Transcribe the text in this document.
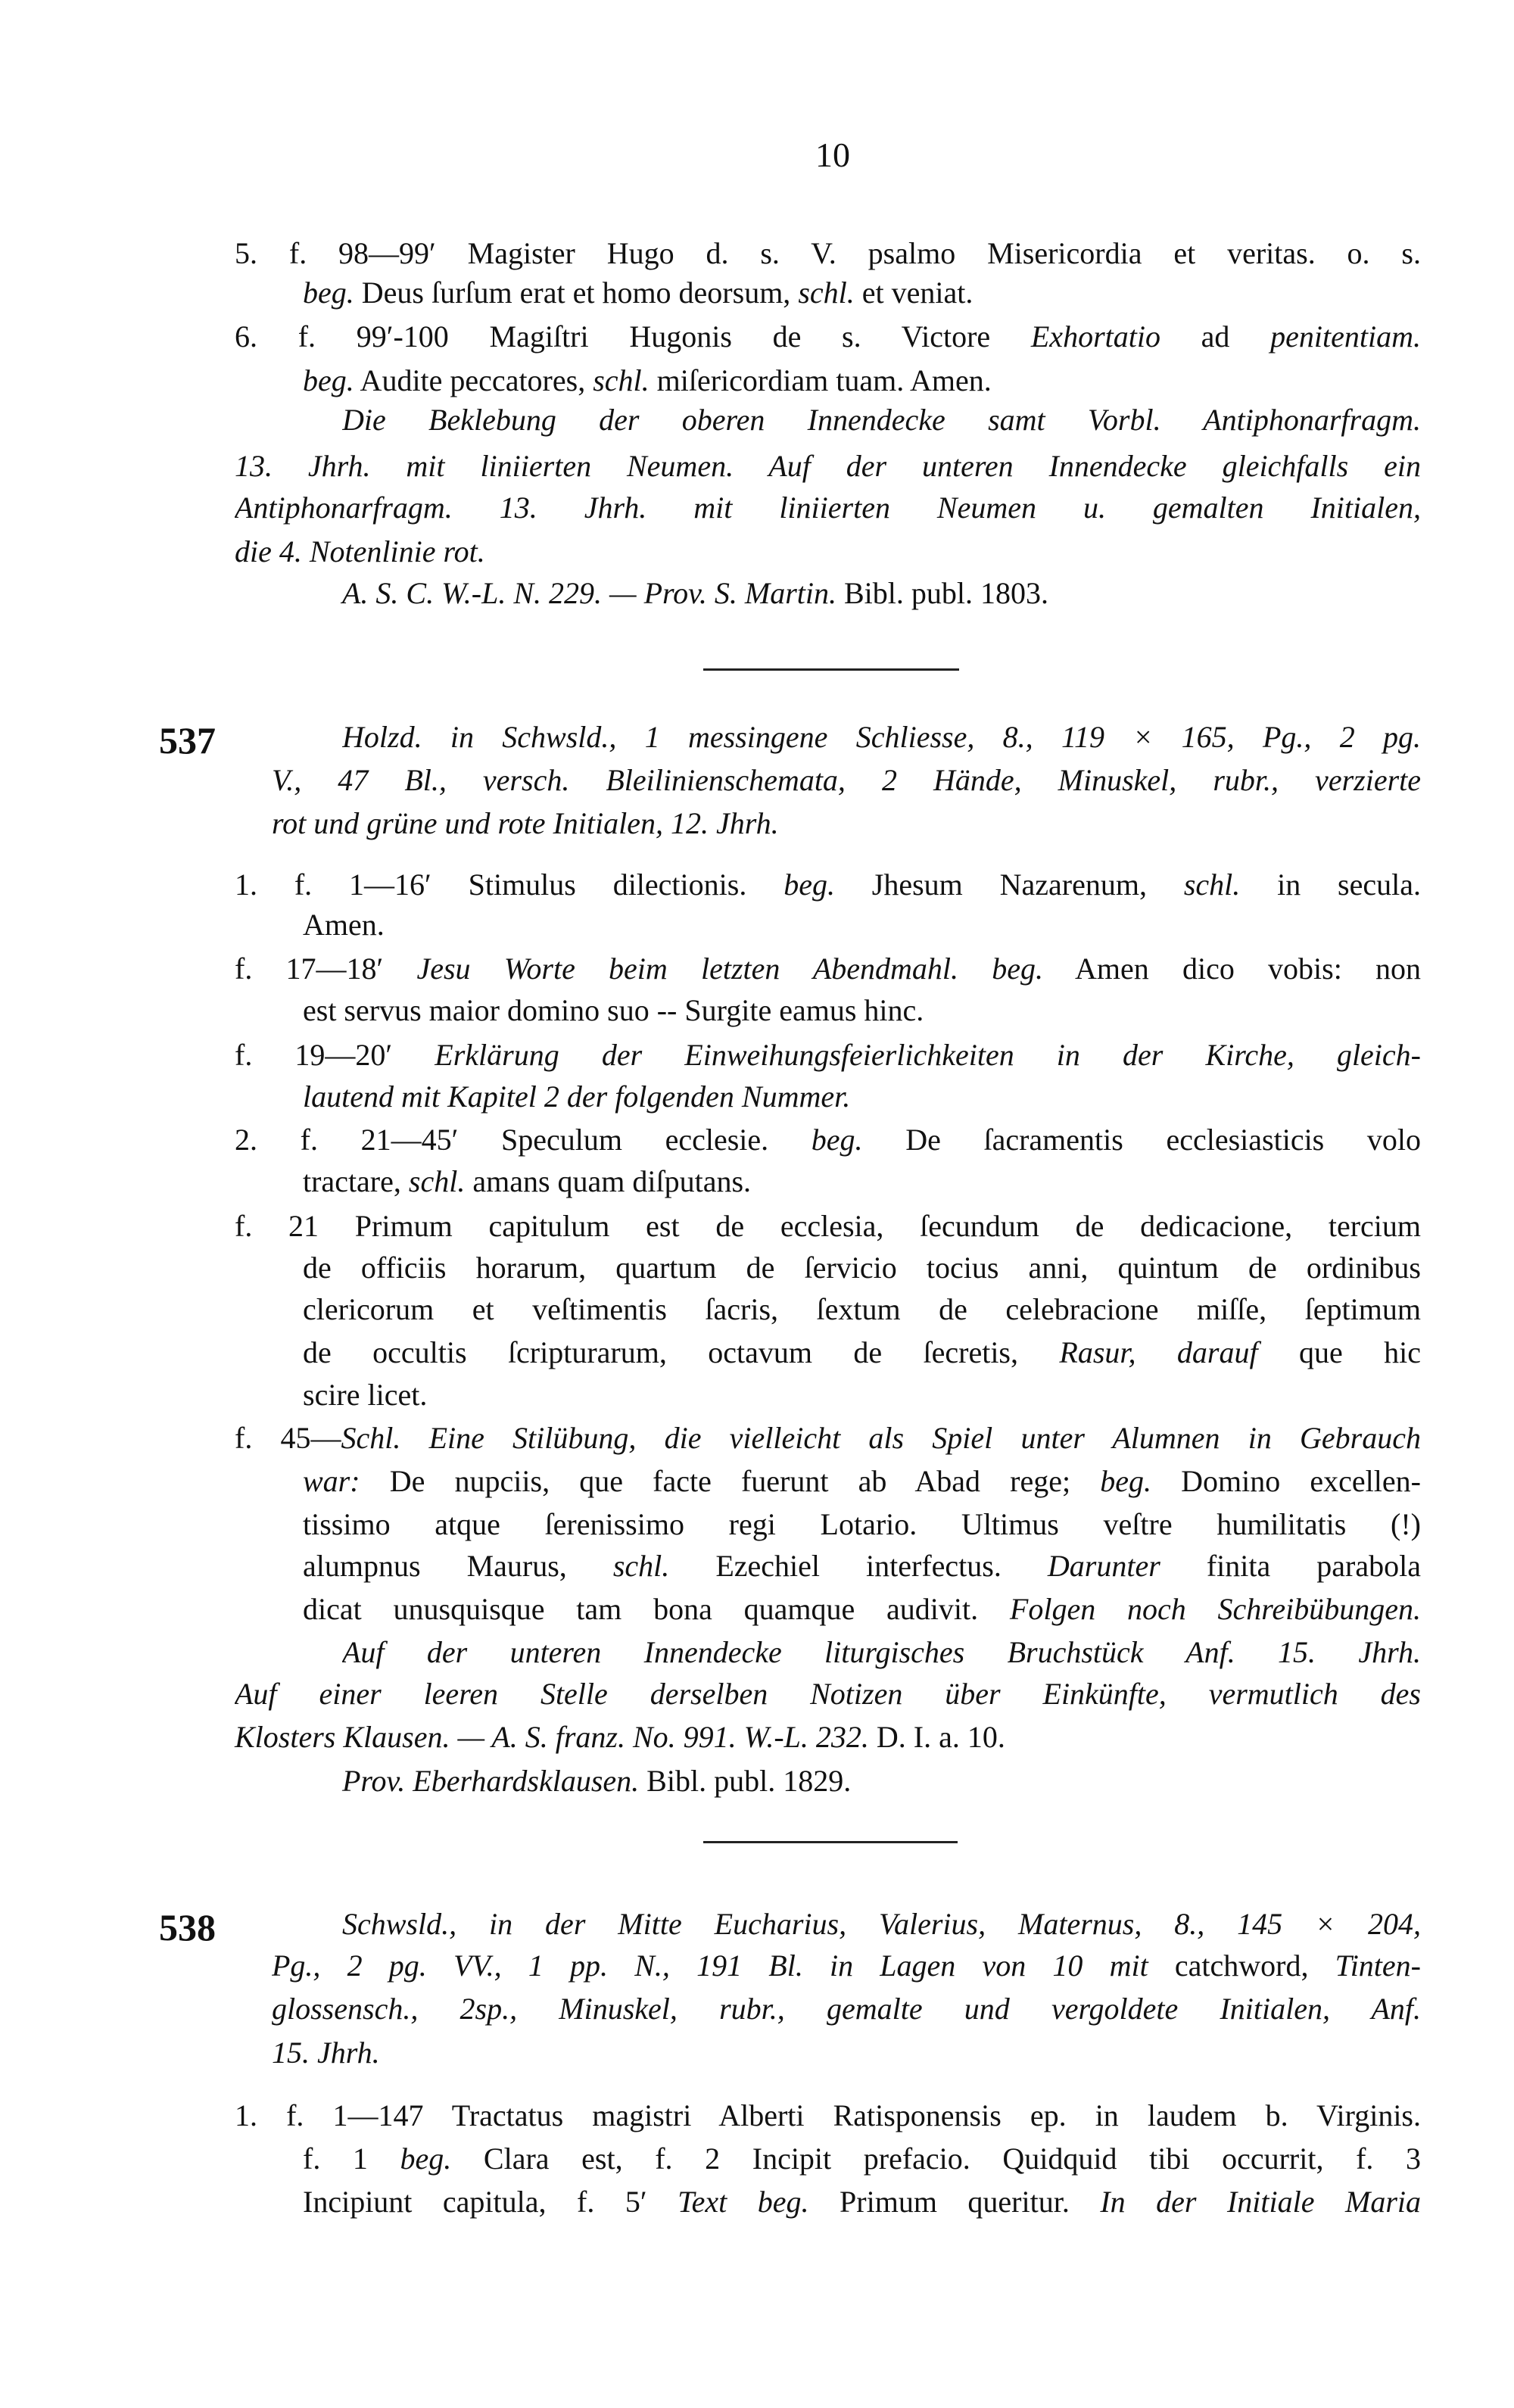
10
537
538
5. f. 98—99′ Magister Hugo d. s. V. psalmo Misericordia et veritas. o. s.
beg. Deus ſurſum erat et homo deorsum, schl. et veniat.
6. f. 99′-100 Magiſtri Hugonis de s. Victore Exhortatio ad penitentiam.
beg. Audite peccatores, schl. miſericordiam tuam. Amen.
Die Beklebung der oberen Innendecke samt Vorbl. Antiphonarfragm.
13. Jhrh. mit liniierten Neumen. Auf der unteren Innendecke gleichfalls ein
Antiphonarfragm. 13. Jhrh. mit liniierten Neumen u. gemalten Initialen,
die 4. Notenlinie rot.
A. S. C. W.-L. N. 229. — Prov. S. Martin. Bibl. publ. 1803.
Holzd. in Schwsld., 1 messingene Schliesse, 8., 119 × 165, Pg., 2 pg.
V., 47 Bl., versch. Bleilinienschemata, 2 Hände, Minuskel, rubr., verzierte
rot und grüne und rote Initialen, 12. Jhrh.
1. f. 1—16′ Stimulus dilectionis. beg. Jhesum Nazarenum, schl. in secula.
Amen.
f. 17—18′ Jesu Worte beim letzten Abendmahl. beg. Amen dico vobis: non
est servus maior domino suo -- Surgite eamus hinc.
f. 19—20′ Erklärung der Einweihungsfeierlichkeiten in der Kirche, gleich-
lautend mit Kapitel 2 der folgenden Nummer.
2. f. 21—45′ Speculum ecclesie. beg. De ſacramentis ecclesiasticis volo
tractare, schl. amans quam diſputans.
f. 21 Primum capitulum est de ecclesia, ſecundum de dedicacione, tercium
de officiis horarum, quartum de ſervicio tocius anni, quintum de ordinibus
clericorum et veſtimentis ſacris, ſextum de celebracione miſſe, ſeptimum
de occultis ſcripturarum, octavum de ſecretis, Rasur, darauf que hic
scire licet.
f. 45—Schl. Eine Stilübung, die vielleicht als Spiel unter Alumnen in Gebrauch
war: De nupciis, que facte fuerunt ab Abad rege; beg. Domino excellen-
tissimo atque ſerenissimo regi Lotario. Ultimus veſtre humilitatis (!)
alumpnus Maurus, schl. Ezechiel interfectus. Darunter finita parabola
dicat unusquisque tam bona quamque audivit. Folgen noch Schreibübungen.
Auf der unteren Innendecke liturgisches Bruchstück Anf. 15. Jhrh.
Auf einer leeren Stelle derselben Notizen über Einkünfte, vermutlich des
Klosters Klausen. — A. S. franz. No. 991. W.-L. 232. D. I. a. 10.
Prov. Eberhardsklausen. Bibl. publ. 1829.
Schwsld., in der Mitte Eucharius, Valerius, Maternus, 8., 145 × 204,
Pg., 2 pg. VV., 1 pp. N., 191 Bl. in Lagen von 10 mit catchword, Tinten-
glossensch., 2sp., Minuskel, rubr., gemalte und vergoldete Initialen, Anf.
15. Jhrh.
1. f. 1—147 Tractatus magistri Alberti Ratisponensis ep. in laudem b. Virginis.
f. 1 beg. Clara est, f. 2 Incipit prefacio. Quidquid tibi occurrit, f. 3
Incipiunt capitula, f. 5′ Text beg. Primum queritur. In der Initiale Maria
